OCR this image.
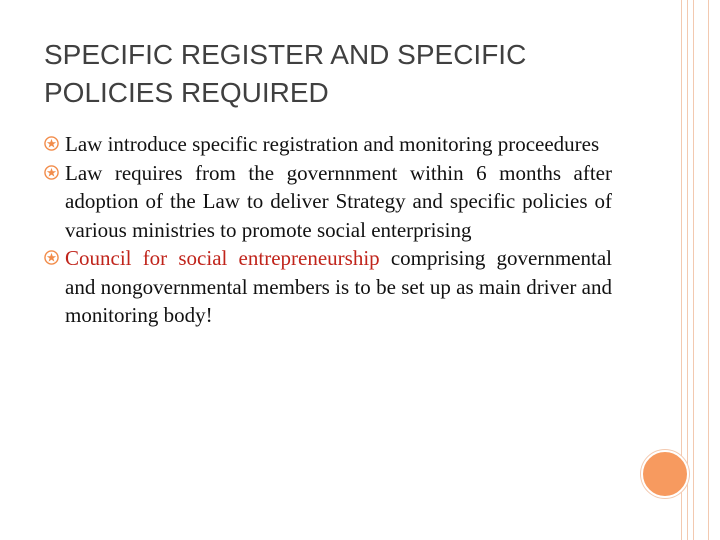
SPECIFIC REGISTER AND SPECIFIC POLICIES REQUIRED
Law introduce specific registration and monitoring proceedures
Law requires from the governnment within 6 months after adoption of the Law to deliver Strategy and specific policies of various ministries to promote social enterprising
Council for social entrepreneurship comprising governmental and nongovernmental members is to be set up as main driver and monitoring body!
